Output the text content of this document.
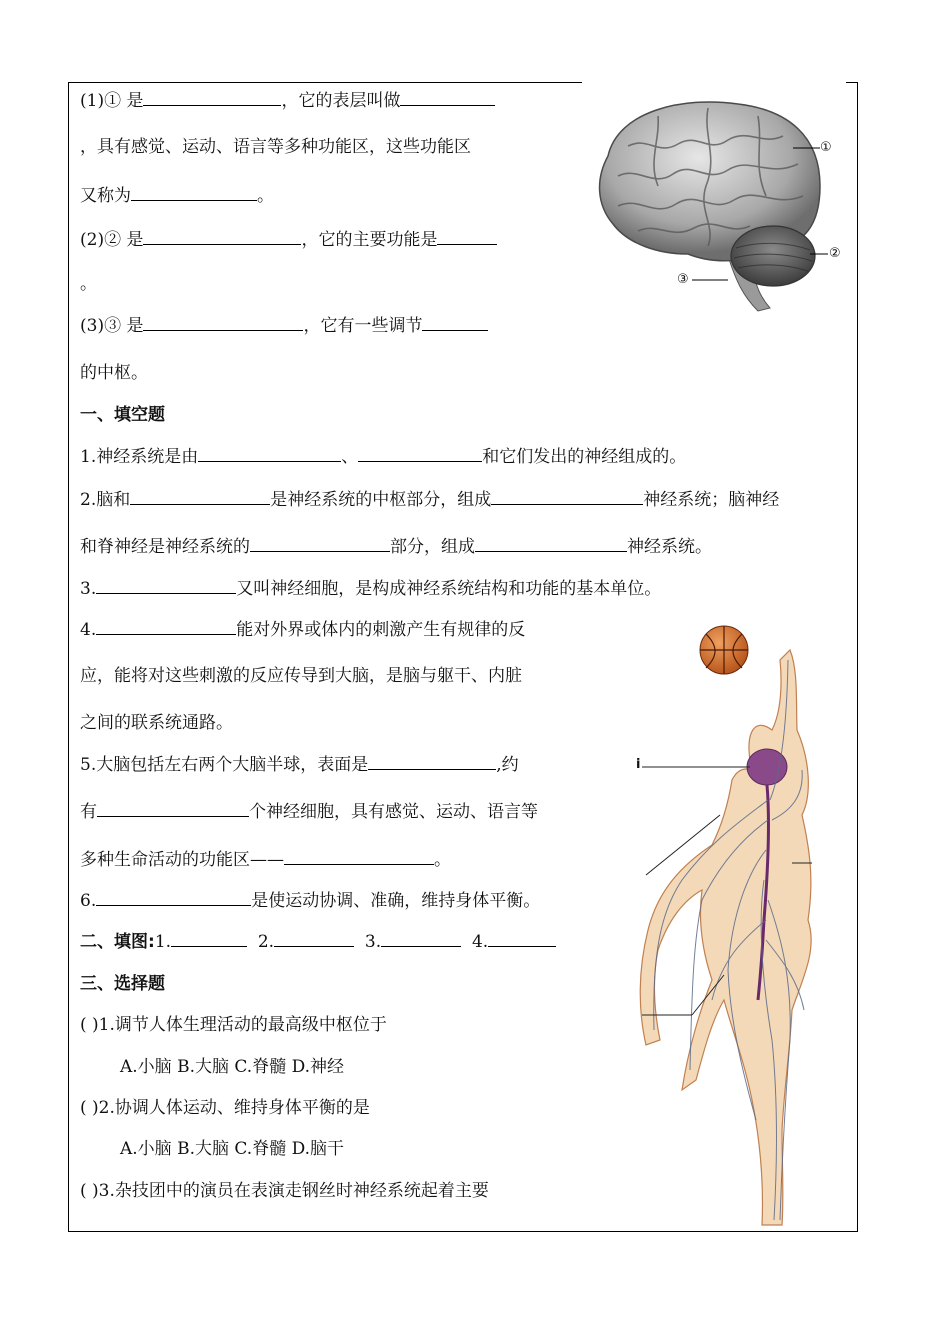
(1)① 是	，它的表层叫做
，具有感觉、运动、语言等多种功能区，这些功能区
又称为	。
(2)② 是	，它的主要功能是
。
(3)③ 是	，它有一些调节
的中枢。
①
②
③
一、填空题
1.神经系统是由	、	和它们发出的神经组成的。
2.脑和	是神经系统的中枢部分，组成	神经系统；脑神经
和脊神经是神经系统的	部分，组成	神经系统。
3.	又叫神经细胞，是构成神经系统结构和功能的基本单位。
4.	能对外界或体内的刺激产生有规律的反
应，能将对这些刺激的反应传导到大脑，是脑与躯干、内脏
之间的联系统通路。
5.大脑包括左右两个大脑半球，表面是	,约
有	个神经细胞，具有感觉、运动、语言等
多种生命活动的功能区——	。
6.	是使运动协调、准确，维持身体平衡。
二、填图:1.	2.	3.	4.
三、选择题
( )1.调节人体生理活动的最高级中枢位于
A.小脑 B.大脑 C.脊髓 D.神经
( )2.协调人体运动、维持身体平衡的是
A.小脑 B.大脑 C.脊髓 D.脑干
( )3.杂技团中的演员在表演走钢丝时神经系统起着主要
i
